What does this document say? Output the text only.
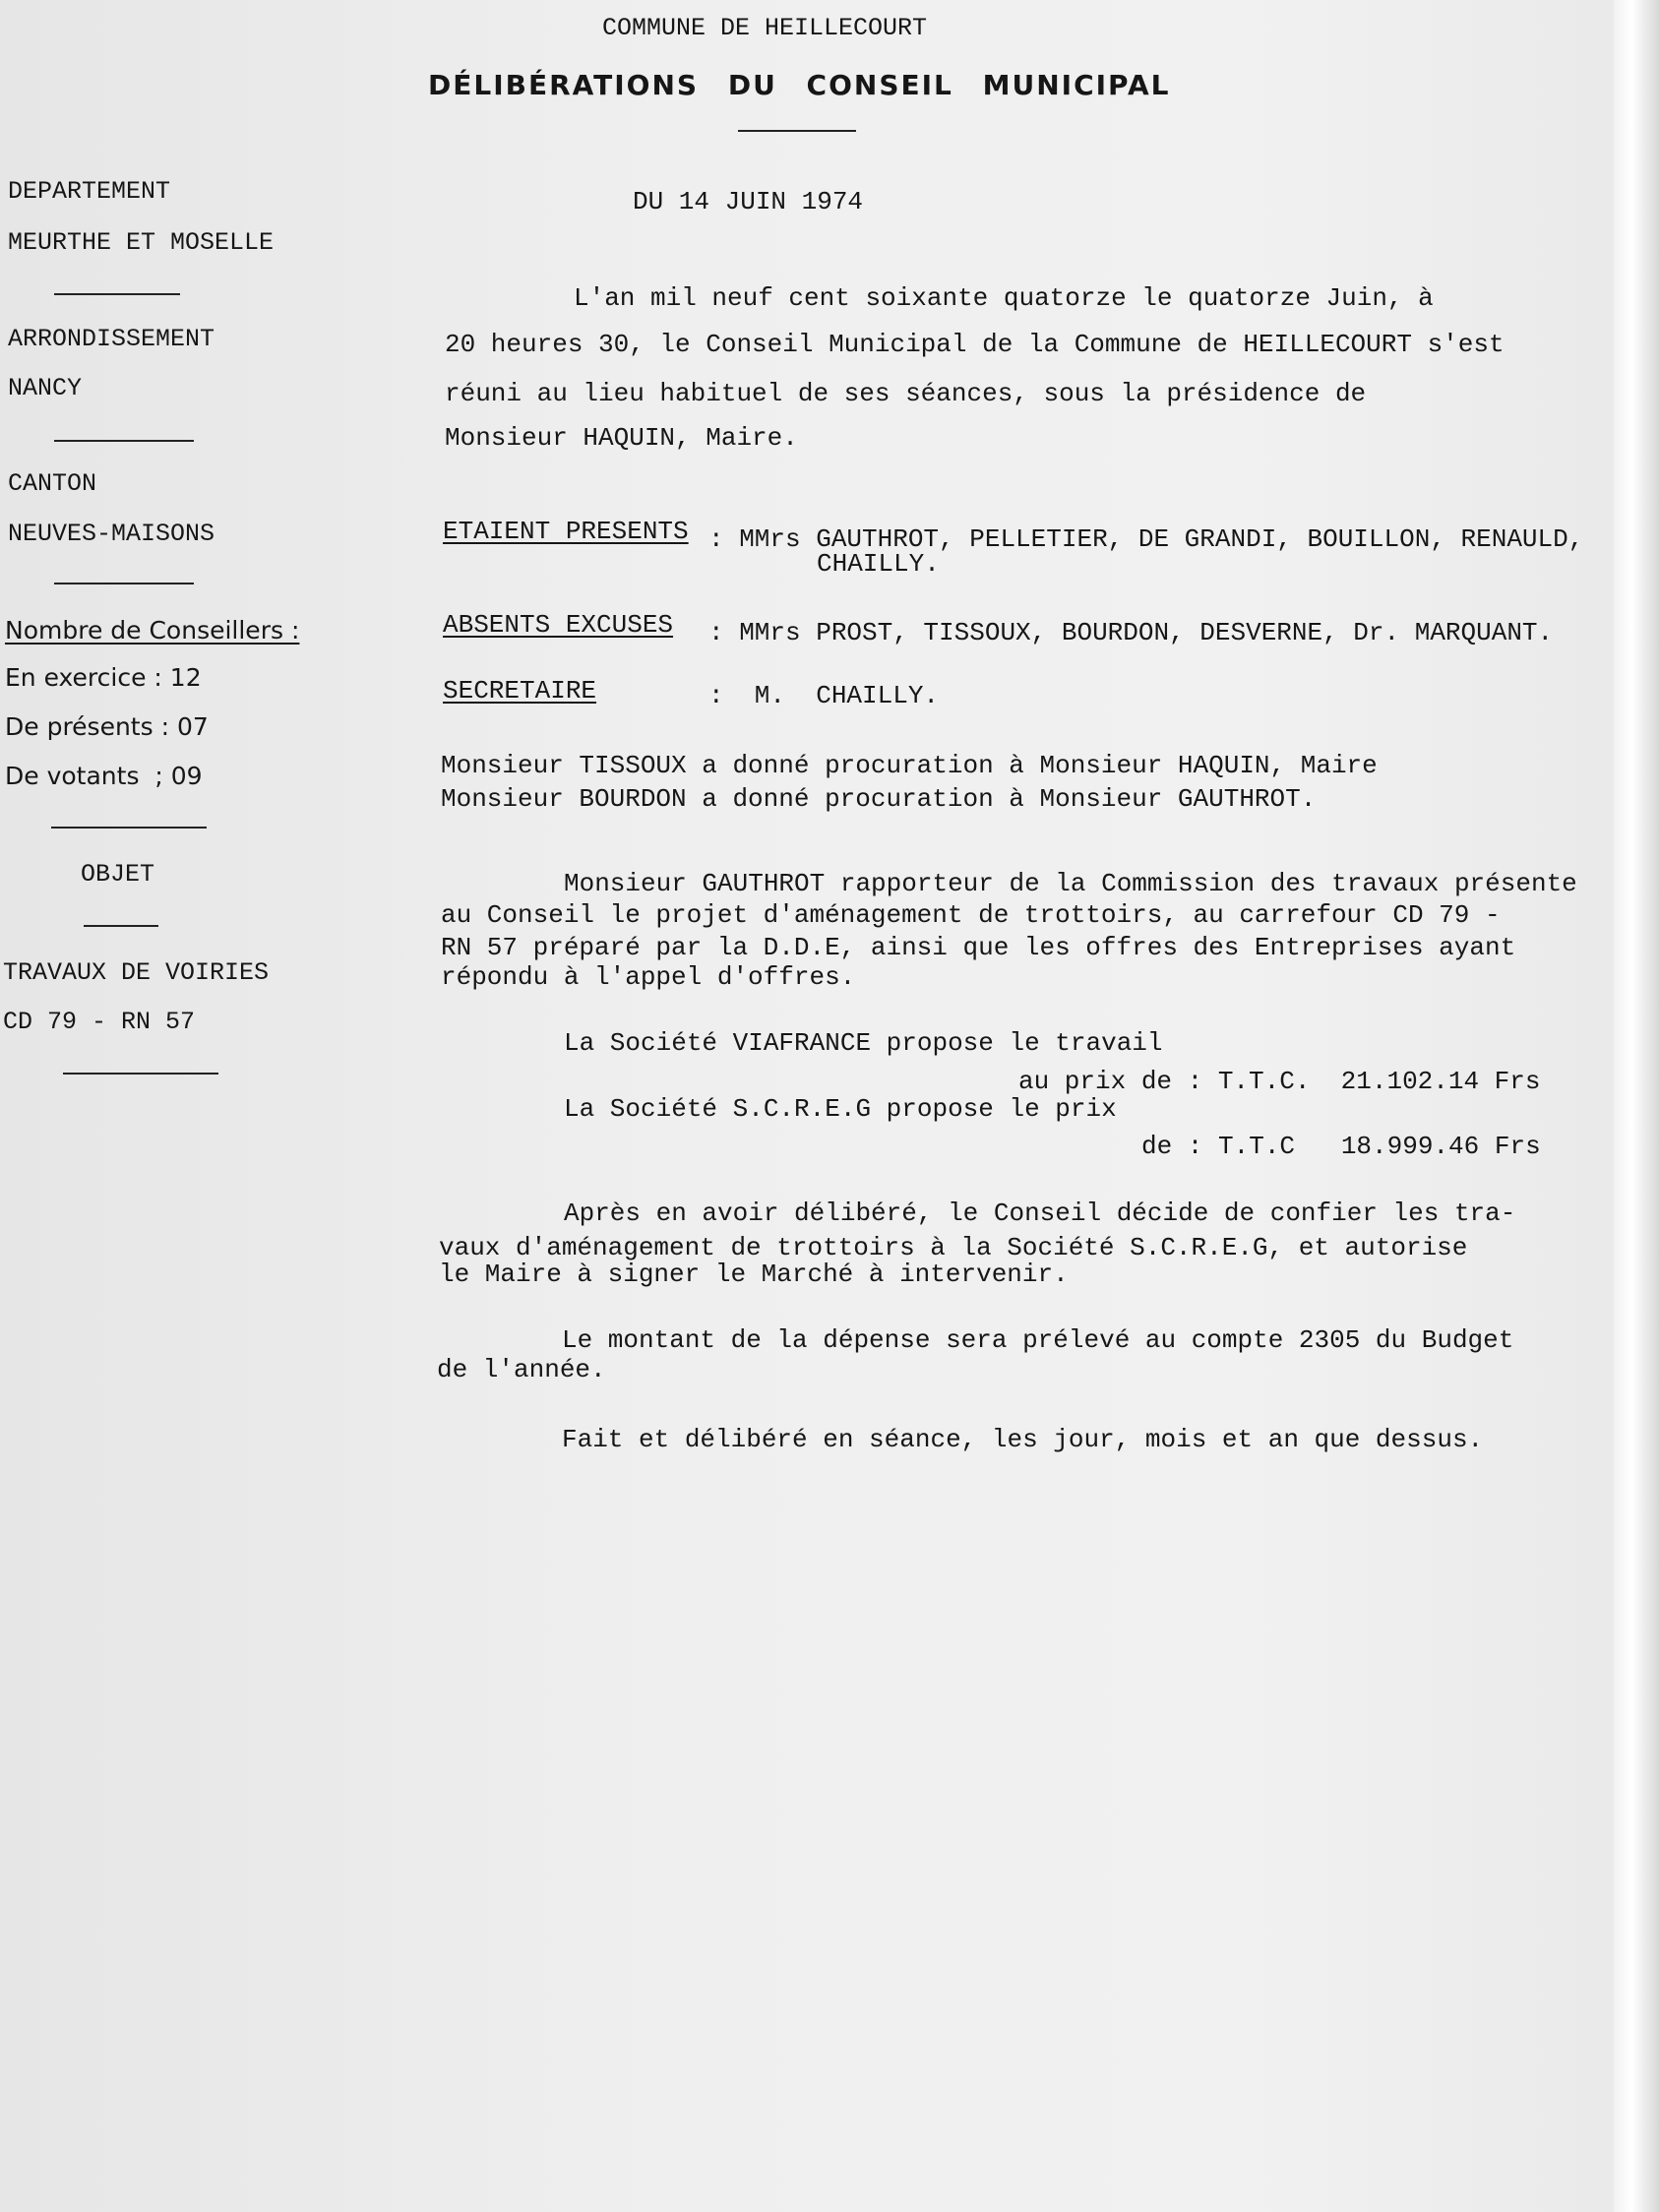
COMMUNE DE HEILLECOURT
DÉLIBÉRATIONS DU CONSEIL MUNICIPAL
DU 14 JUIN 1974
DEPARTEMENT
MEURTHE ET MOSELLE
ARRONDISSEMENT
NANCY
CANTON
NEUVES-MAISONS
Nombre de Conseillers :
En exercice : 12
De présents : 07
De votants  ; 09
OBJET
TRAVAUX DE VOIRIES
CD 79 - RN 57
L'an mil neuf cent soixante quatorze le quatorze Juin, à
20 heures 30, le Conseil Municipal de la Commune de HEILLECOURT s'est
réuni au lieu habituel de ses séances, sous la présidence de
Monsieur HAQUIN, Maire.
ETAIENT PRESENTS : MMrs GAUTHROT, PELLETIER, DE GRANDI, BOUILLON, RENAULD,
CHAILLY.
ABSENTS EXCUSES : MMrs PROST, TISSOUX, BOURDON, DESVERNE, Dr. MARQUANT.
SECRETAIRE	:  M.  CHAILLY.
Monsieur TISSOUX a donné procuration à Monsieur HAQUIN, Maire
Monsieur BOURDON a donné procuration à Monsieur GAUTHROT.
Monsieur GAUTHROT rapporteur de la Commission des travaux présente
au Conseil le projet d'aménagement de trottoirs, au carrefour CD 79 -
RN 57 préparé par la D.D.E, ainsi que les offres des Entreprises ayant
répondu à l'appel d'offres.
La Société VIAFRANCE propose le travail
au prix de : T.T.C.  21.102.14 Frs
La Société S.C.R.E.G propose le prix
de : T.T.C   18.999.46 Frs
Après en avoir délibéré, le Conseil décide de confier les tra-
vaux d'aménagement de trottoirs à la Société S.C.R.E.G, et autorise
le Maire à signer le Marché à intervenir.
Le montant de la dépense sera prélevé au compte 2305 du Budget
de l'année.
Fait et délibéré en séance, les jour, mois et an que dessus.
